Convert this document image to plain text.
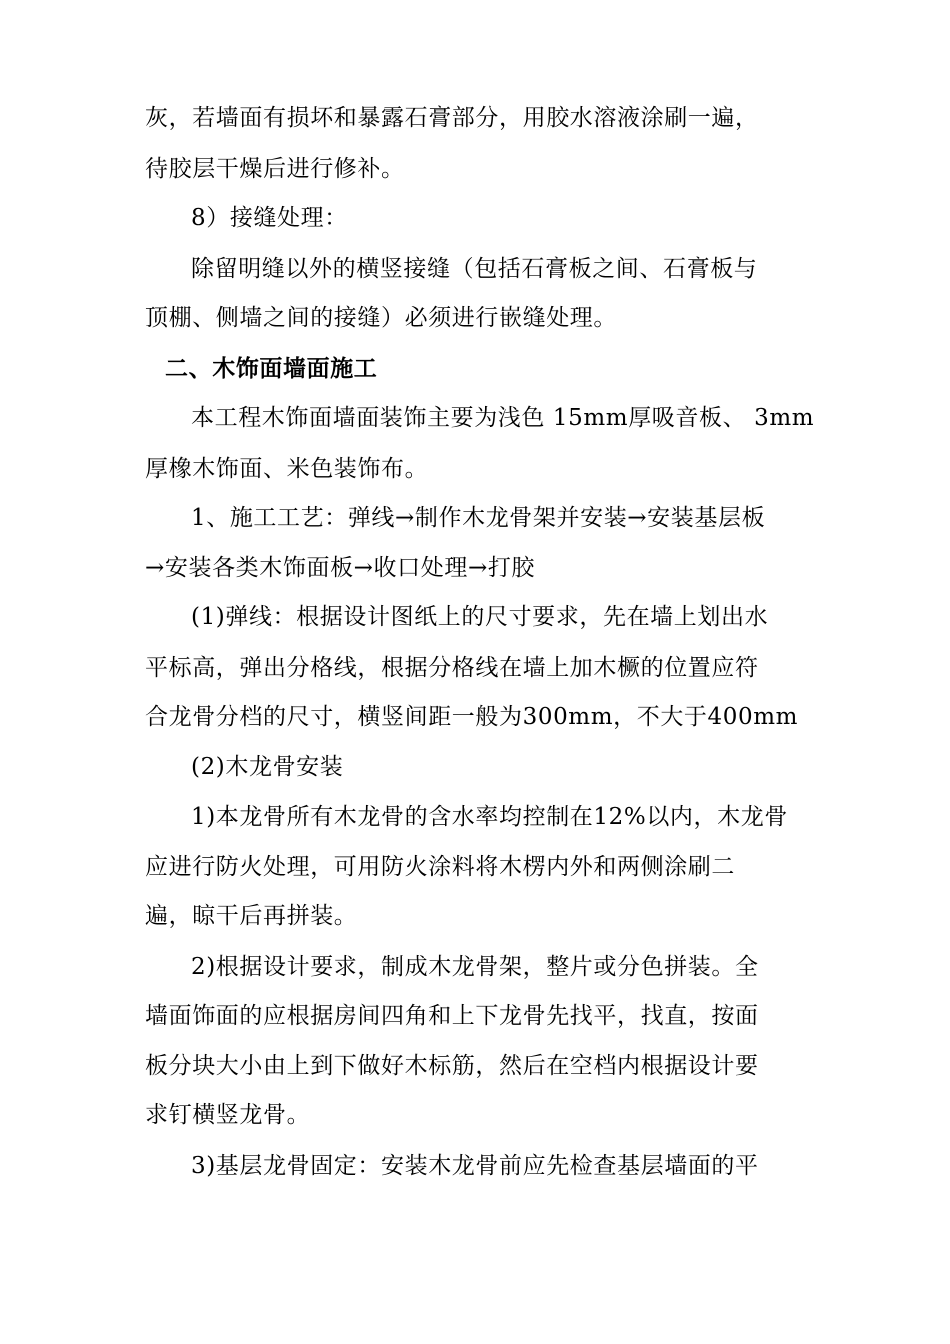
灰，若墙面有损坏和暴露石膏部分，用胶水溶液涂刷一遍，
待胶层干燥后进行修补。
8）接缝处理：
除留明缝以外的横竖接缝（包括石膏板之间、石膏板与
顶棚、侧墙之间的接缝）必须进行嵌缝处理。
二、木饰面墙面施工
本工程木饰面墙面装饰主要为浅色 15mm厚吸音板、 3mm
厚橡木饰面、米色装饰布。
1、施工工艺：弹线→制作木龙骨架并安装→安装基层板
→安装各类木饰面板→收口处理→打胶
(1)弹线：根据设计图纸上的尺寸要求，先在墙上划出水
平标高，弹出分格线，根据分格线在墙上加木橛的位置应符
合龙骨分档的尺寸，横竖间距一般为300mm，不大于400mm
(2)木龙骨安装
1)本龙骨所有木龙骨的含水率均控制在12%以内，木龙骨
应进行防火处理，可用防火涂料将木楞内外和两侧涂刷二
遍，晾干后再拼装。
2)根据设计要求，制成木龙骨架，整片或分色拼装。全
墙面饰面的应根据房间四角和上下龙骨先找平，找直，按面
板分块大小由上到下做好木标筋，然后在空档内根据设计要
求钉横竖龙骨。
3)基层龙骨固定：安装木龙骨前应先检查基层墙面的平
